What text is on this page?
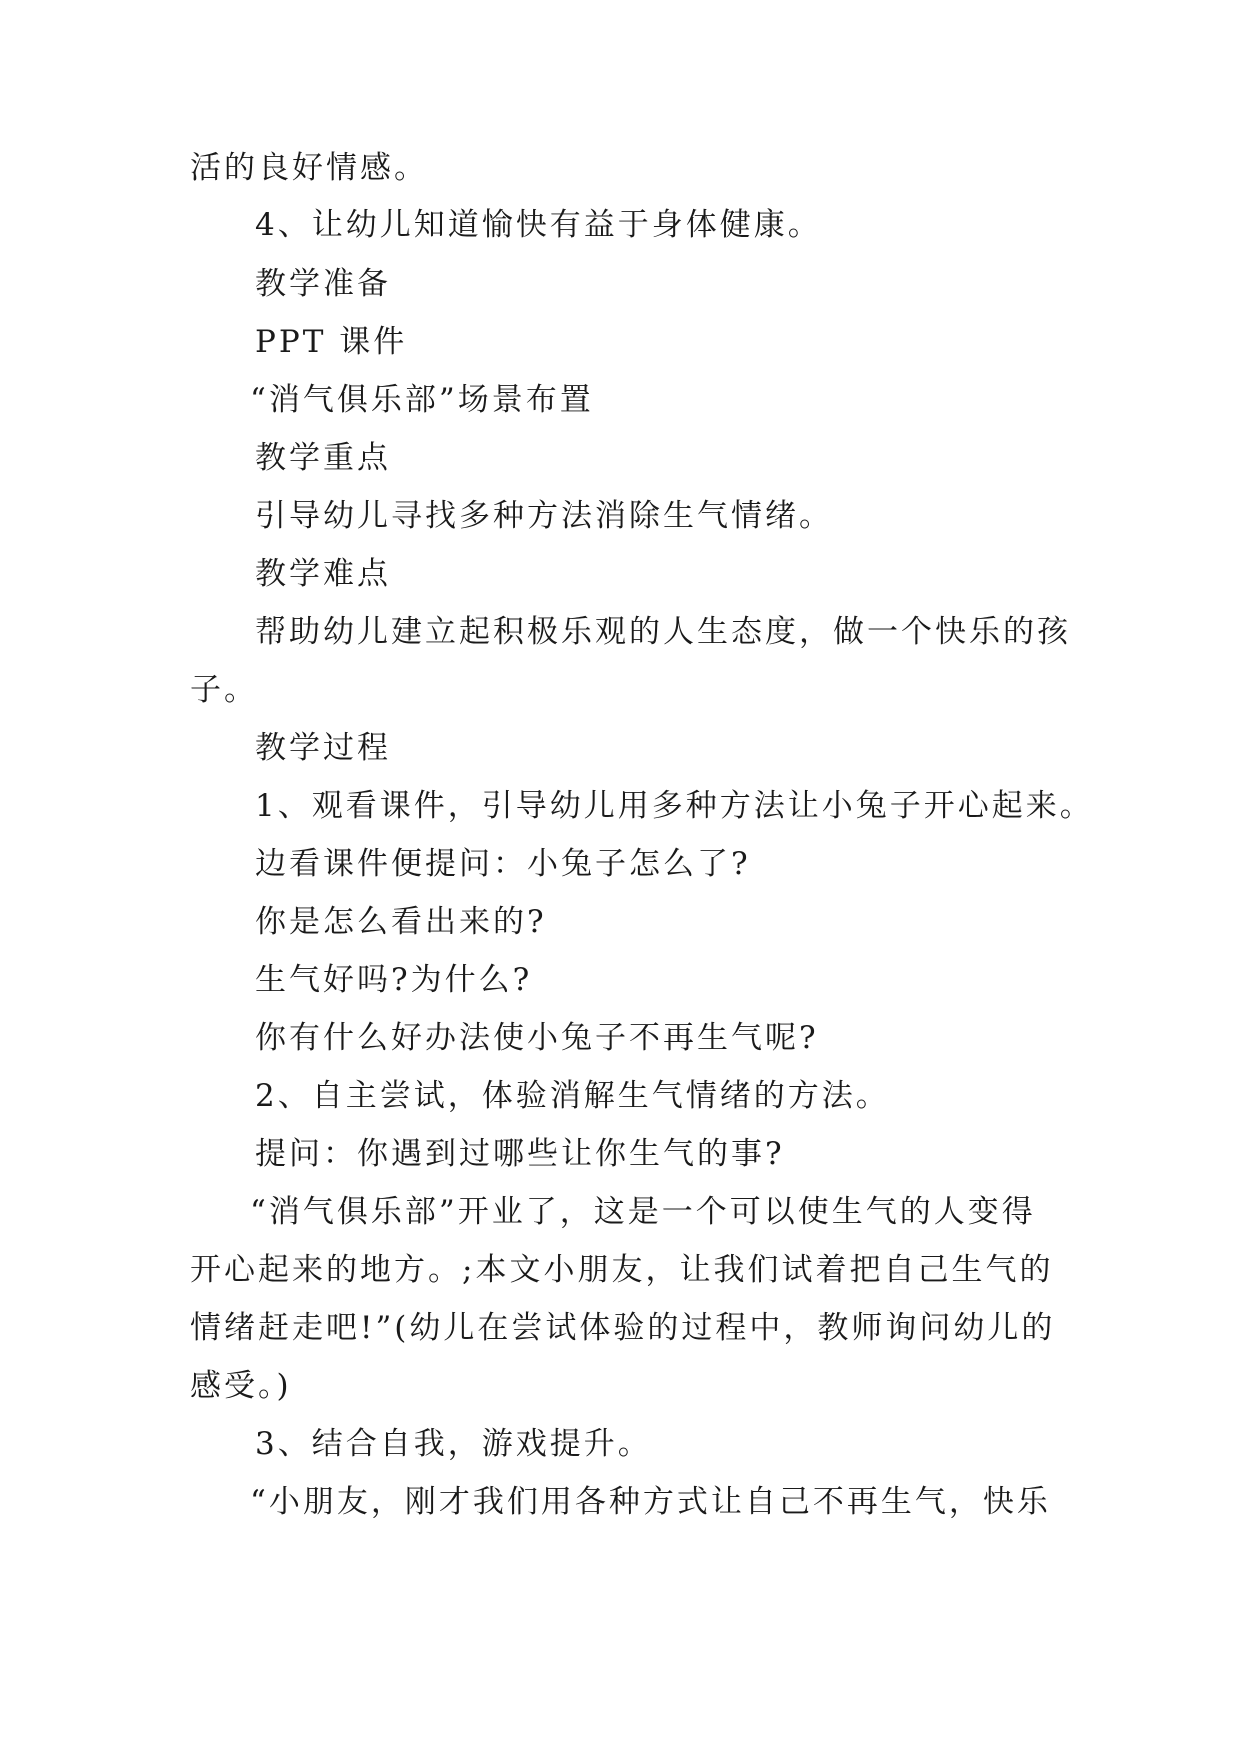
活的良好情感。
4、让幼儿知道愉快有益于身体健康。
教学准备
PPT 课件
“消气俱乐部”场景布置
教学重点
引导幼儿寻找多种方法消除生气情绪。
教学难点
帮助幼儿建立起积极乐观的人生态度，做一个快乐的孩
子。
教学过程
1、观看课件，引导幼儿用多种方法让小兔子开心起来。
边看课件便提问：小兔子怎么了?
你是怎么看出来的?
生气好吗?为什么?
你有什么好办法使小兔子不再生气呢?
2、自主尝试，体验消解生气情绪的方法。
提问：你遇到过哪些让你生气的事?
“消气俱乐部”开业了，这是一个可以使生气的人变得
开心起来的地方。;本文小朋友，让我们试着把自己生气的
情绪赶走吧!”(幼儿在尝试体验的过程中，教师询问幼儿的
感受。)
3、结合自我，游戏提升。
“小朋友，刚才我们用各种方式让自己不再生气，快乐
